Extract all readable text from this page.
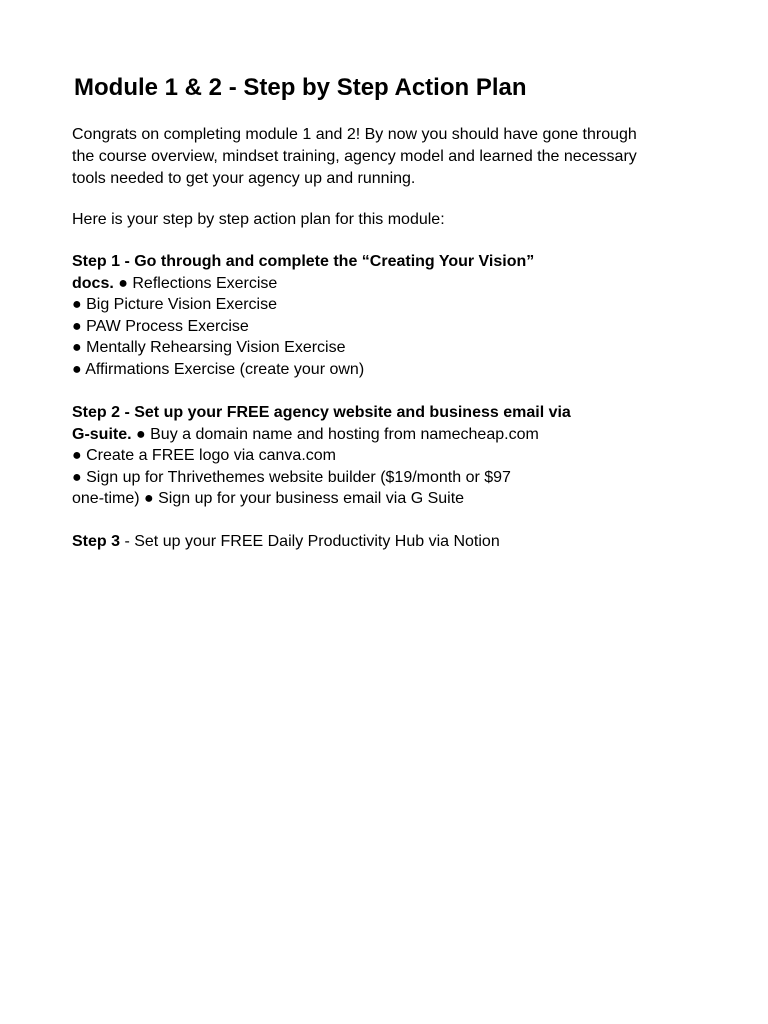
Module 1 & 2 - Step by Step Action Plan

Congrats on completing module 1 and 2! By now you should have gone through

the course overview, mindset training, agency model and learned the necessary

tools needed to get your agency up and running.

Here is your step by step action plan for this module:
Step 1 - Go through and complete the “Creating Your Vision”
docs. ● Reflections Exercise
● Big Picture Vision Exercise
● PAW Process Exercise
● Mentally Rehearsing Vision Exercise
● Affirmations Exercise (create your own)
Step 2 - Set up your FREE agency website and business email via
G-suite. ● Buy a domain name and hosting from namecheap.com
● Create a FREE logo via canva.com
● Sign up for Thrivethemes website builder ($19/month or $97
one-time) ● Sign up for your business email via G Suite
Step 3 - Set up your FREE Daily Productivity Hub via Notion
